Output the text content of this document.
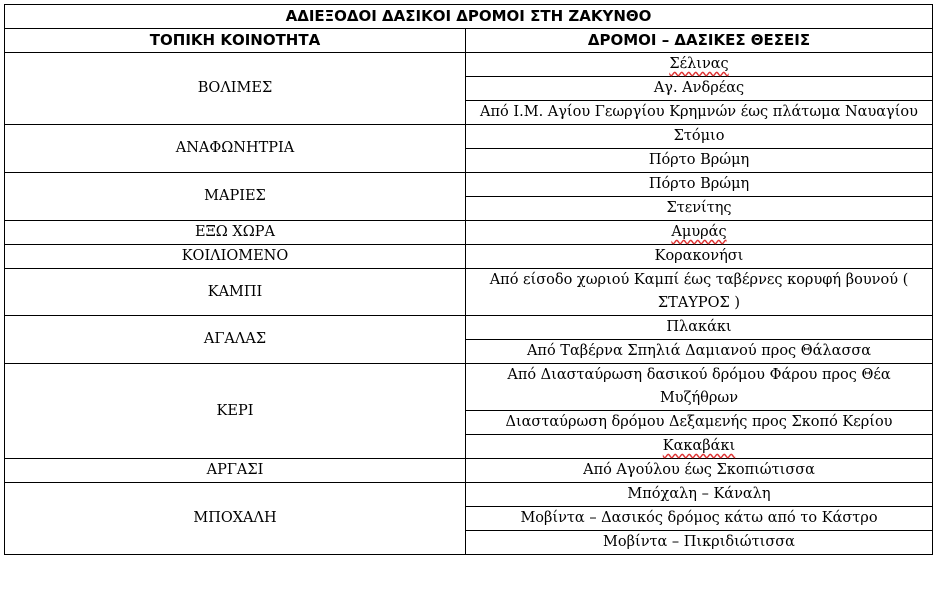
ΑΔΙΕΞΟΔΟΙ ΔΑΣΙΚΟΙ ΔΡΟΜΟΙ ΣΤΗ ΖΑΚΥΝΘΟ	
ΤΟΠΙΚΗ ΚΟΙΝΟΤΗΤΑ	ΔΡΟΜΟΙ – ΔΑΣΙΚΕΣ ΘΕΣΕΙΣ
ΒΟΛΙΜΕΣ	Σέλινας
	Αγ. Ανδρέας
	Από Ι.Μ. Αγίου Γεωργίου Κρημνών έως πλάτωμα Ναυαγίου
ΑΝΑΦΩΝΗΤΡΙΑ	Στόμιο
	Πόρτο Βρώμη
ΜΑΡΙΕΣ	Πόρτο Βρώμη
	Στενίτης
ΕΞΩ ΧΩΡΑ	Αμυράς
ΚΟΙΛΙΟΜΕΝΟ	Κορακονήσι
ΚΑΜΠΙ	Από είσοδο χωριού Καμπί έως ταβέρνες κορυφή βουνού ( ΣΤΑΥΡΟΣ )
ΑΓΑΛΑΣ	Πλακάκι
	Από Ταβέρνα Σπηλιά Δαμιανού προς Θάλασσα
ΚΕΡΙ	Από Διασταύρωση δασικού δρόμου Φάρου προς Θέα Μυζήθρων
	Διασταύρωση δρόμου Δεξαμενής προς Σκοπό Κερίου
	Κακαβάκι
ΑΡΓΑΣΙ	Από Αγούλου έως Σκοπιώτισσα
ΜΠΟΧΑΛΗ	Μπόχαλη – Κάναλη
	Μοβίντα – Δασικός δρόμος κάτω από το Κάστρο
	Μοβίντα – Πικριδιώτισσα
